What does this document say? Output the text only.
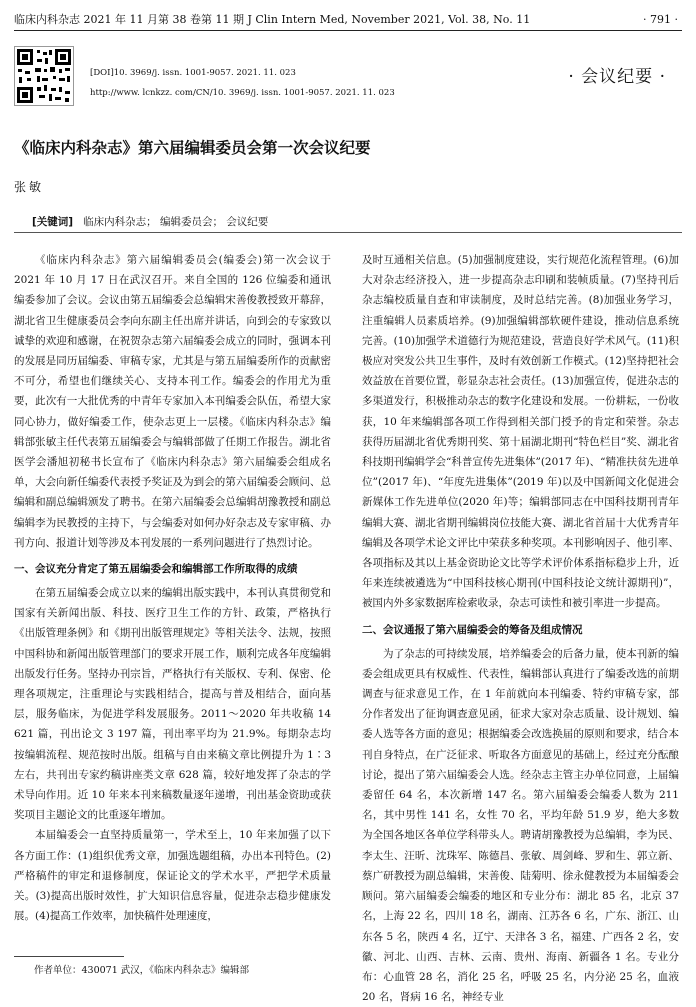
临床内科杂志 2021 年 11 月第 38 卷第 11 期 J Clin Intern Med, November 2021, Vol. 38, No. 11	· 791 ·
[DOI]10. 3969/j. issn. 1001-9057. 2021. 11. 023
http://www. lcnkzz. com/CN/10. 3969/j. issn. 1001-9057. 2021. 11. 023
· 会议纪要 ·
《临床内科杂志》第六届编辑委员会第一次会议纪要
张敏
[关键词] 临床内科杂志； 编辑委员会； 会议纪要

《临床内科杂志》第六届编辑委员会(编委会)第一次会议于 2021 年 10 月 17 日在武汉召开。来自全国的 126 位编委和通讯编委参加了会议。会议由第五届编委会总编辑宋善俊教授致开幕辞，湖北省卫生健康委员会李向东副主任出席并讲话，向到会的专家致以诚挚的欢迎和感谢，在祝贺杂志第六届编委会成立的同时，强调本刊的发展是同历届编委、审稿专家，尤其是与第五届编委所作的贡献密不可分，希望也们继续关心、支持本刊工作。编委会的作用尤为重要，此次有一大批优秀的中青年专家加入本刊编委会队伍，希望大家同心协力，做好编委工作，使杂志更上一层楼。《临床内科杂志》编辑部张敏主任代表第五届编委会与编辑部做了任期工作报告。湖北省医学会潘旭初秘书长宣布了《临床内科杂志》第六届编委会组成名单，大会向新任编委代表授予奖证及为到会的第六届编委会顾问、总编辑和副总编辑颁发了聘书。在第六届编委会总编辑胡豫教授和副总编辑李为民教授的主持下，与会编委对如何办好杂志及专家审稿、办刊方向、报道计划等涉及本刊发展的一系列问题进行了热烈讨论。

一、会议充分肯定了第五届编委会和编辑部工作所取得的成绩

在第五届编委会成立以来的编辑出版实践中，本刊认真贯彻党和国家有关新闻出版、科技、医疗卫生工作的方针、政策，严格执行《出版管理条例》和《期刊出版管理规定》等相关法令、法规，按照中国科协和新闻出版管理部门的要求开展工作，顺利完成各年度编辑出版发行任务。坚持办刊宗旨，严格执行有关版权、专利、保密、伦理各项规定，注重理论与实践相结合，提高与普及相结合，面向基层，服务临床，为促进学科发展服务。2011～2020 年共收稿 14 621 篇，刊出论文 3 197 篇，刊出率平均为 21.9%。每期杂志均按编辑流程、规范按时出版。组稿与自由来稿文章比例提升为 1∶3 左右，共刊出专家约稿讲座类文章 628 篇，较好地发挥了杂志的学术导向作用。近 10 年来本刊来稿数量逐年递增，刊出基金资助或获奖项目主题论文的比重逐年增加。

本届编委会一直坚持质量第一，学术至上，10 年来加强了以下各方面工作：(1)组织优秀文章，加强选题组稿，办出本刊特色。(2)严格稿件的审定和退修制度，保证论文的学术水平，严把学术质量关。(3)提高出版时效性，扩大知识信息容量，促进杂志稳步健康发展。(4)提高工作效率，加快稿件处理速度，

及时互通相关信息。(5)加强制度建设，实行规范化流程管理。(6)加大对杂志经济投入，进一步提高杂志印刷和装帧质量。(7)坚持刊后杂志编校质量自查和审读制度，及时总结完善。(8)加强业务学习，注重编辑人员素质培养。(9)加强编辑部软硬件建设，推动信息系统完善。(10)加强学术道德行为规范建设，营造良好学术风气。(11)积极应对突发公共卫生事件，及时有效创新工作模式。(12)坚持把社会效益放在首要位置，彰显杂志社会责任。(13)加强宣传，促进杂志的多渠道发行，积极推动杂志的数字化建设和发展。一份耕耘，一份收获，10 年来编辑部各项工作得到相关部门授予的肯定和荣誉。杂志获得历届湖北省优秀期刊奖、第十届湖北期刊“特色栏目”奖、湖北省科技期刊编辑学会“科普宣传先进集体”(2017 年)、“精准扶贫先进单位”(2017 年)、“年度先进集体”(2019 年)以及中国新闻文化促进会新媒体工作先进单位(2020 年)等；编辑部同志在中国科技期刊青年编辑大赛、湖北省期刊编辑岗位技能大赛、湖北省首届十大优秀青年编辑及各项学术论文评比中荣获多种奖项。本刊影响因子、他引率、各项指标及其以上基金资助论文比等学术评价体系指标稳步上升，近年来连续被遴选为“中国科技核心期刊(中国科技论文统计源期刊)”，被国内外多家数据库检索收录，杂志可读性和被引率进一步提高。

二、会议通报了第六届编委会的筹备及组成情况

为了杂志的可持续发展，培养编委会的后备力量，使本刊新的编委会组成更具有权威性、代表性，编辑部认真进行了编委改选的前期调查与征求意见工作，在 1 年前就向本刊编委、特约审稿专家，部分作者发出了征询调查意见函，征求大家对杂志质量、设计规划、编委人选等各方面的意见；根据编委会改选换届的原则和要求，结合本刊自身特点，在广泛征求、听取各方面意见的基础上，经过充分酝酿讨论，提出了第六届编委会人选。经杂志主管主办单位同意，上届编委留任 64 名，本次新增 147 名。第六届编委会编委人数为 211 名，其中男性 141 名，女性 70 名，平均年龄 51.9 岁，绝大多数为全国各地区各单位学科带头人。聘请胡豫教授为总编辑，李为民、李太生、汪昕、沈珠军、陈德昌、张敏、周剑峰、罗和生、郭立新、蔡广研教授为副总编辑，宋善俊、陆菊明、徐永健教授为本届编委会顾问。第六届编委会编委的地区和专业分布：湖北 85 名，北京 37 名，上海 22 名，四川 18 名，湖南、江苏各 6 名，广东、浙江、山东各 5 名，陕西 4 名，辽宁、天津各 3 名，福建、广西各 2 名，安徽、河北、山西、吉林、云南、贵州、海南、新疆各 1 名。专业分布：心血管 28 名，消化 25 名，呼吸 25 名，内分泌 25 名，血液 20 名，肾病 16 名，神经专业

作者单位：430071 武汉，《临床内科杂志》编辑部
